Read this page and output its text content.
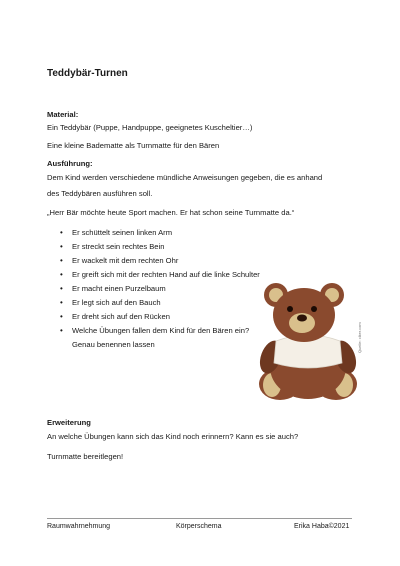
Teddybär-Turnen
Material:
Ein Teddybär (Puppe, Handpuppe, geeignetes Kuscheltier…)
Eine kleine Bademattе als Turnmatte für den Bären
Ausführung:
Dem Kind werden verschiedene mündliche Anweisungen gegeben, die es anhand
des Teddybären ausführen soll.
„Herr Bär möchte heute Sport machen. Er hat schon seine Turnmatte da.“
• Er schüttelt seinen linken Arm
• Er streckt sein rechtes Bein
• Er wackelt mit dem rechten Ohr
• Er greift sich mit der rechten Hand auf die linke Schulter
• Er macht einen Purzelbaum
• Er legt sich auf den Bauch
• Er dreht sich auf den Rücken
• Welche Übungen fallen dem Kind für den Bären ein?
Genau benennen lassen	Quelle: clker.com
Erweiterung
An welche Übungen kann sich das Kind noch erinnern? Kann es sie auch?
Turnmatte bereitlegen!
Raumwahrnehmung	Körperschema	Erika Haba©2021
